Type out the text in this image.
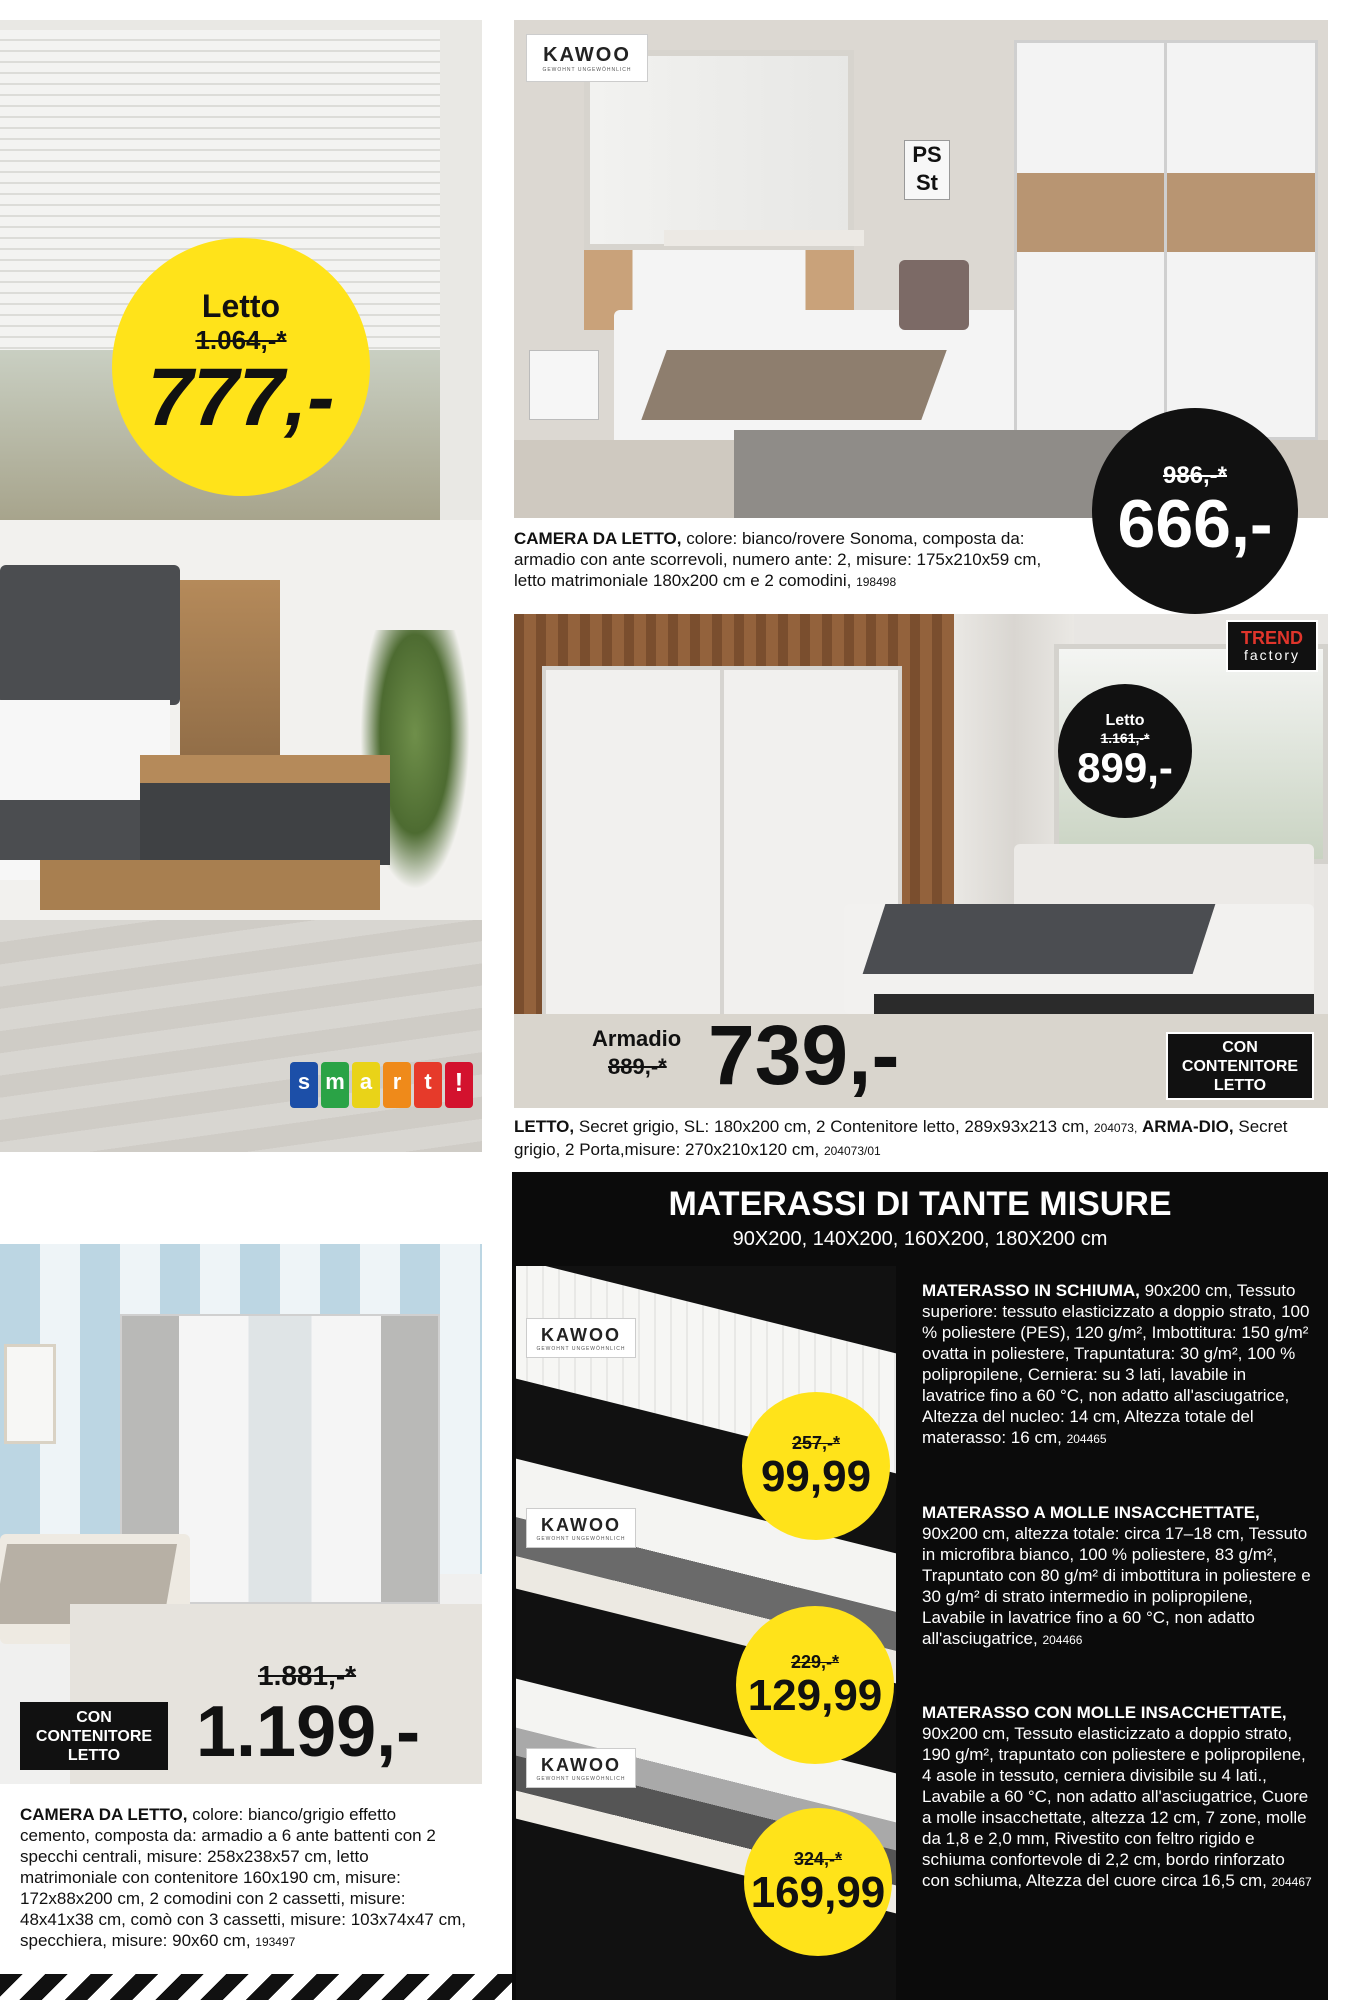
s m a r	t !
Letto
1.064,-*
777,-
PS
St
KAWOO
GEWOHNT UNGEWÖHNLICH
986,-*
666,-
CAMERA DA LETTO, colore: bianco/rovere Sonoma, composta da: armadio con ante scorrevoli, numero ante: 2, misure: 175x210x59 cm, letto matrimoniale 180x200 cm e 2 comodini, 198498
TREND
factory
Letto
1.161,-*
899,-
Armadio
889,-* 739,-	CON
CONTENITORE
LETTO
LETTO, Secret grigio, SL: 180x200 cm, 2 Contenitore letto, 289x93x213 cm, 204073, ARMA-DIO, Secret grigio, 2 Porta,misure: 270x210x120 cm, 204073/01
CON
CONTENITORE
LETTO
1.881,-*
1.199,-
CAMERA DA LETTO, colore: bianco/grigio effetto cemento, composta da: armadio a 6 ante battenti con 2 specchi centrali, misure: 258x238x57 cm, letto matrimoniale con contenitore 160x190 cm, misure: 172x88x200 cm, 2 comodini con 2 cassetti, misure: 48x41x38 cm, comò con 3 cassetti, misure: 103x74x47 cm, specchiera, misure: 90x60 cm, 193497
MATERASSI DI TANTE MISURE
90X200, 140X200, 160X200, 180X200 cm
KAWOO
GEWOHNT UNGEWÖHNLICH
KAWOO
GEWOHNT UNGEWÖHNLICH
KAWOO
GEWOHNT UNGEWÖHNLICH
257,-*
99,99
229,-*
129,99
324,-*
169,99
MATERASSO IN SCHIUMA, 90x200 cm, Tessuto superiore: tessuto elasticizzato a doppio strato, 100 % poliestere (PES), 120 g/m², Imbottitura: 150 g/m² ovatta in poliestere, Trapuntatura: 30 g/m², 100 % polipropilene, Cerniera: su 3 lati, lavabile in lavatrice fino a 60 °C, non adatto all'asciugatrice, Altezza del nucleo: 14 cm, Altezza totale del materasso: 16 cm, 204465
MATERASSO A MOLLE INSACCHETTATE, 90x200 cm, altezza totale: circa 17–18 cm, Tessuto in microfibra bianco, 100 % poliestere, 83 g/m², Trapuntato con 80 g/m² di imbottitura in poliestere e 30 g/m² di strato intermedio in polipropilene, Lavabile in lavatrice fino a 60 °C, non adatto all'asciugatrice, 204466
MATERASSO CON MOLLE INSACCHETTATE, 90x200 cm, Tessuto elasticizzato a doppio strato, 190 g/m², trapuntato con poliestere e polipropilene, 4 asole in tessuto, cerniera divisibile su 4 lati., Lavabile a 60 °C, non adatto all'asciugatrice, Cuore a molle insacchettate, altezza 12 cm, 7 zone, molle da 1,8 e 2,0 mm, Rivestito con feltro rigido e schiuma confortevole di 2,2 cm, bordo rinforzato con schiuma, Altezza del cuore circa 16,5 cm, 204467
